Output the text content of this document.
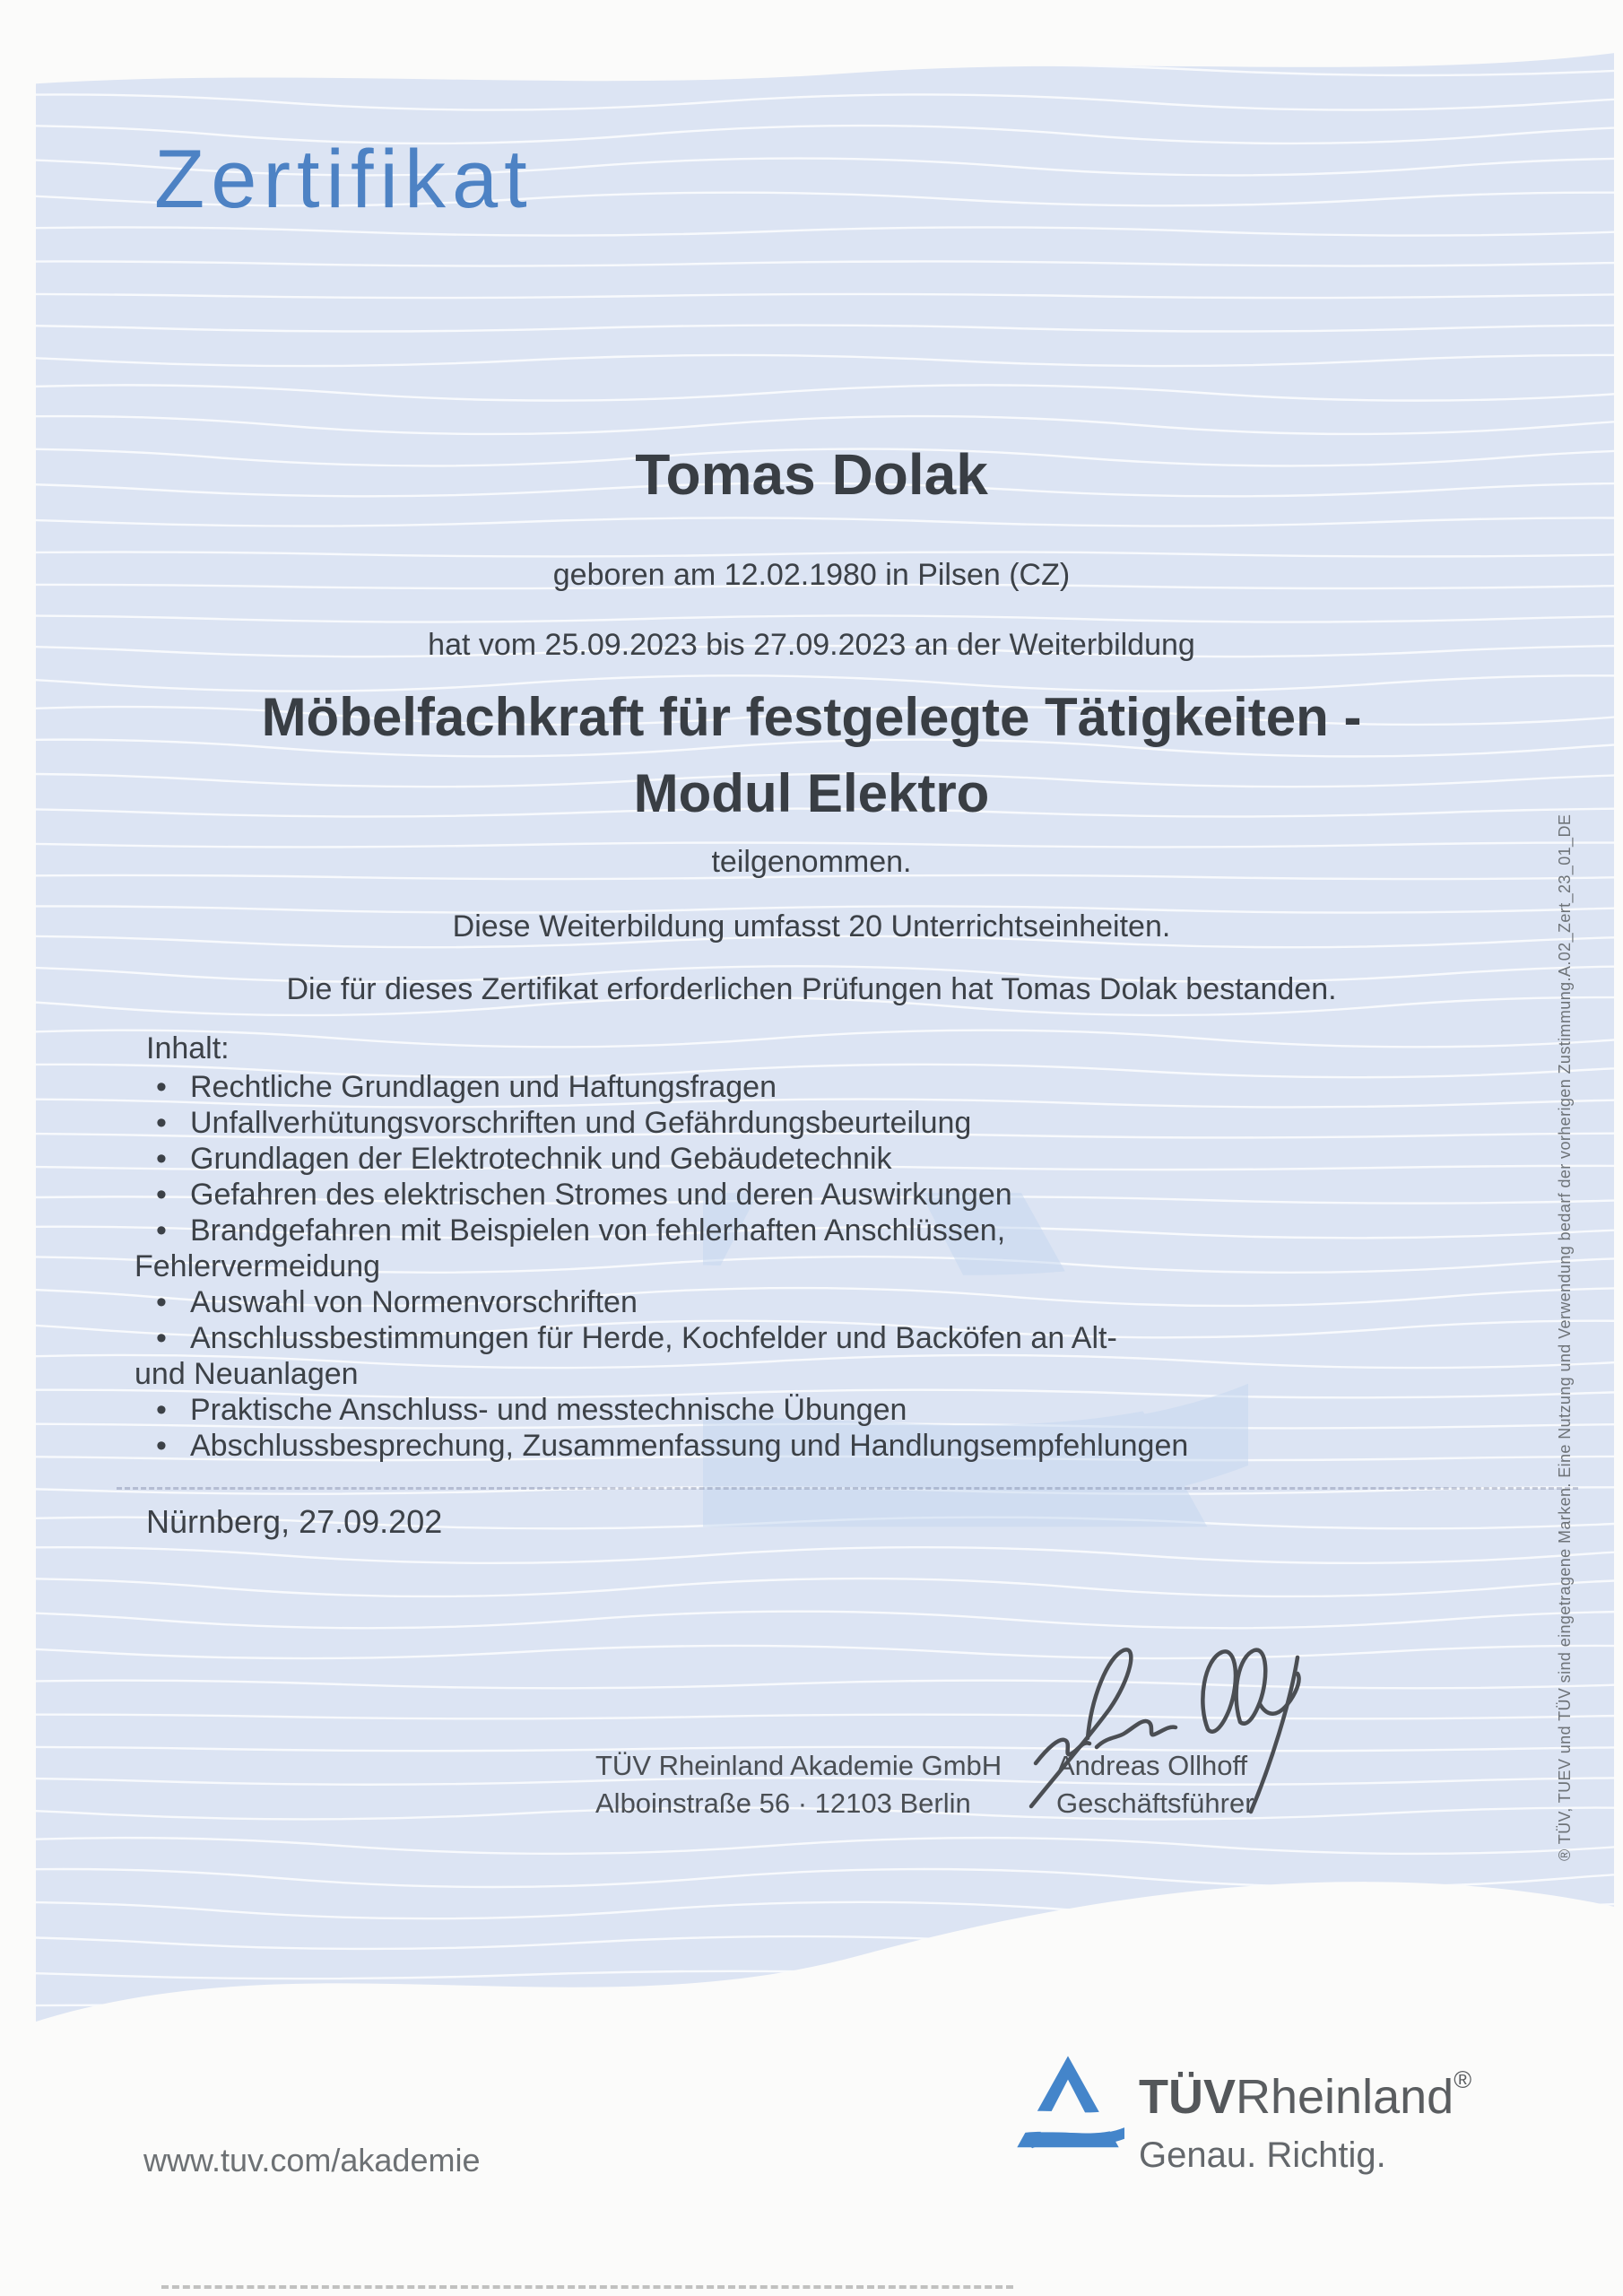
Zertifikat
Tomas Dolak
geboren am 12.02.1980 in Pilsen (CZ)
hat vom 25.09.2023 bis 27.09.2023 an der Weiterbildung
Möbelfachkraft für festgelegte Tätigkeiten -
Modul Elektro
teilgenommen.
Diese Weiterbildung umfasst 20 Unterrichtseinheiten.
Die für dieses Zertifikat erforderlichen Prüfungen hat Tomas Dolak bestanden.
Inhalt:
• Rechtliche Grundlagen und Haftungsfragen
• Unfallverhütungsvorschriften und Gefährdungsbeurteilung
• Grundlagen der Elektrotechnik und Gebäudetechnik
• Gefahren des elektrischen Stromes und deren Auswirkungen
• Brandgefahren mit Beispielen von fehlerhaften Anschlüssen,
Fehlervermeidung
• Auswahl von Normenvorschriften
• Anschlussbestimmungen für Herde, Kochfelder und Backöfen an Alt-
und Neuanlagen
• Praktische Anschluss- und messtechnische Übungen
• Abschlussbesprechung, Zusammenfassung und Handlungsempfehlungen
Nürnberg, 27.09.202
TÜV Rheinland Akademie GmbH
Alboinstraße 56 · 12103 Berlin
Andreas Ollhoff
Geschäftsführer	® TÜV, TUEV und TÜV sind eingetragene Marken. Eine Nutzung und Verwendung bedarf der vorherigen Zustimmung.
A.02_Zert_23_01_DE
www.tuv.com/akademie
TÜVRheinland®
Genau. Richtig.
